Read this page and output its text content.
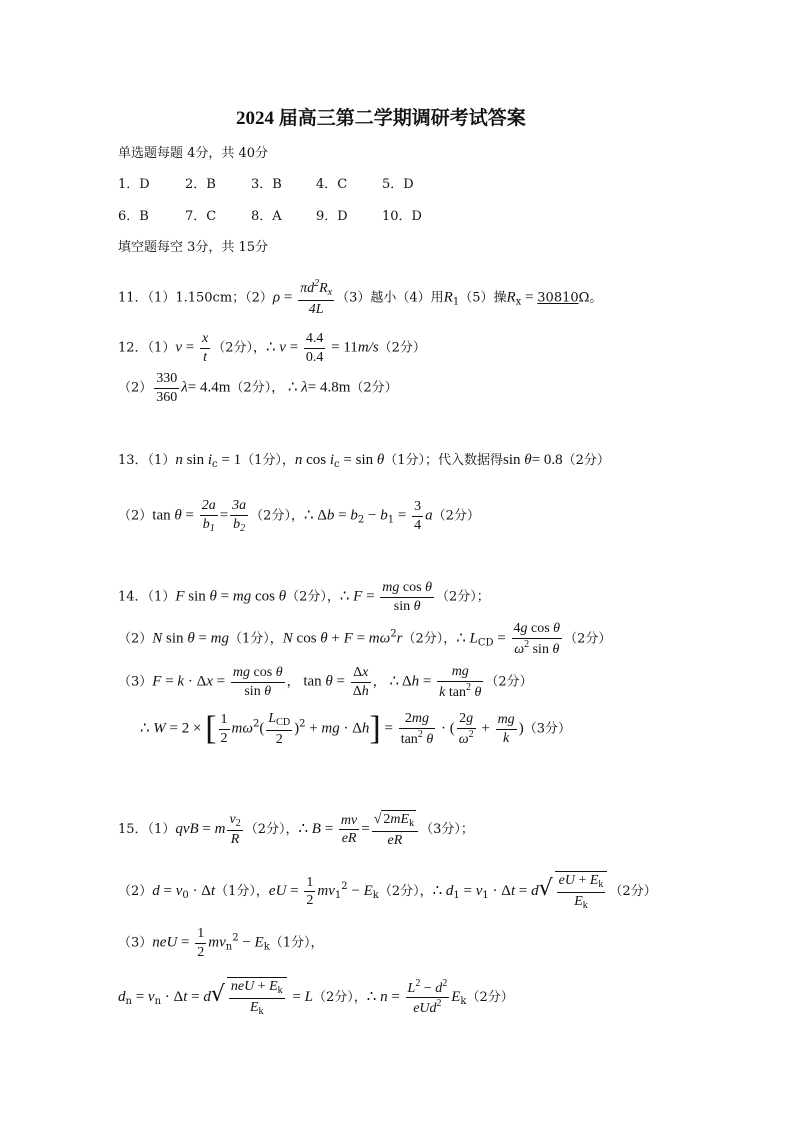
2024 届高三第二学期调研考试答案
单选题每题 4分，共 40分
1．D	2．B	3．B	4．C	5．D
6．B	7．C	8．A	9．D	10．D
填空题每空 3分，共 15分
11．（1）1.150cm；$(2)\rho = \frac{\pi d^2R_x}{4L} (3)$越小（4）用$R_1(5)$操$R_x = 30810\Omega$。
12．$(1)v = \frac{x}{t} (2$分），∴ $v = \frac{4.4}{0.4} = 11m/s(2$分）
$(2) \frac{330}{360} \lambda= 4.4m(2$分）， ∴ λ= 4.8m（2分）
13．（1）n $\sin i_c = 1(1$分），n $\cos i_c = \sin \theta(1$分）；代入数据得sin θ= 0.8（2分）
（2）tan $\theta = \frac{2a}{b_1} = \frac{3a}{b_2} (2$分），∴ $\Delta b = b_2 - b_1 = \frac{3}{4} a(2$分）
14．（1）F sin θ = mg cos θ（2分），∴ $F = \frac{\text{mg cos θ}}{\text{sin θ}} (2$分）；
（2）N sin θ = mg（1分），N $\cos \theta + F = m\omega^2r(2$分），∴ $L_{CD} = \frac{\text{4g cos θ}}{\omega^2 \sin \theta} (2$分）
$(3)F = k \cdot \Delta x = \frac{\text{mg cos θ}}{\text{sin θ}}$ ， $\tan \theta = \frac{\Delta x}{\Delta h}$ ， ∴ $\Delta h = \frac{mg}{k \tan^2 \theta} (2$分）
∴ W = 2 × [ $\frac{1}{2} m\omega^2( \frac{L_{CD}}{2} )^2$ + mg · $\Delta h] = \frac{2mg}{\tan^2 \theta}$ · ( $\frac{2g}{\omega^2} + \frac{mg}{k} )(3$分）
15．（1）qvB = m $\frac{v_2}{R} (2$分），∴ $B = \frac{mv}{eR} = \frac{√ 2mE_k}{eR} (3$分）；
$(2)d = v_0 \cdot \Delta t(1$分），eU = $\frac{1}{2} mv_1^2 - E_k(2$分），∴ $d_1 = v_1 \cdot \Delta t = d√ \frac{eU + E_k}{E_k} (2$分）
$(3)neU = \frac{1}{2} mv_n^2 - E_k(1$分），
$d_n = v_n \cdot \Delta t = d√ \frac{neU + E_k}{E_k} = L(2$分），∴ $n = \frac{L^2 - d^2}{eUd^2} E_k(2$分）
